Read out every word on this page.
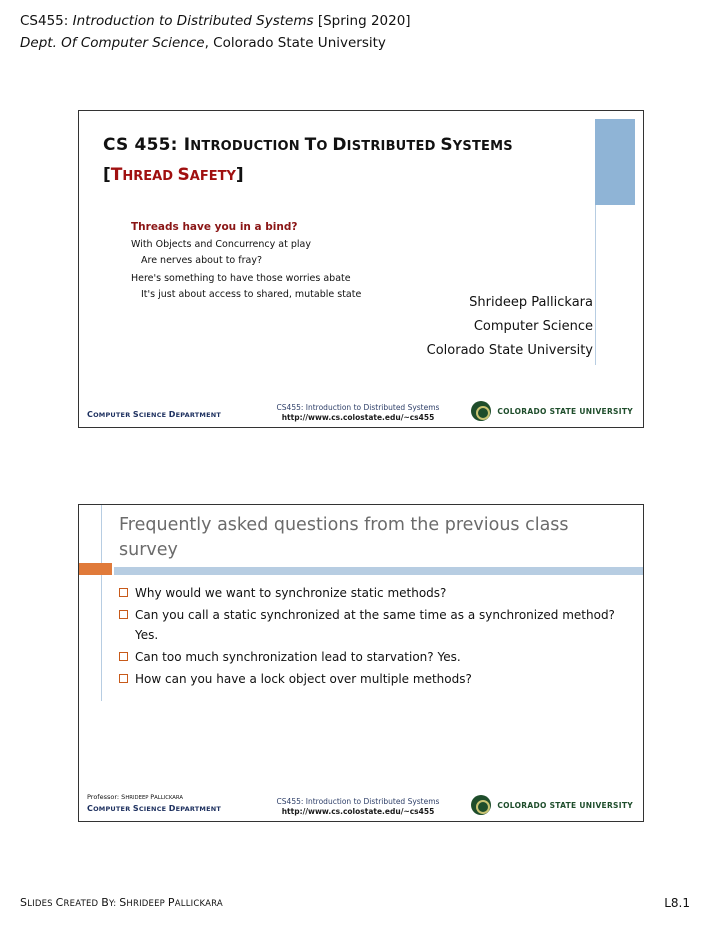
CS455: Introduction to Distributed Systems [Spring 2020]
Dept. Of Computer Science, Colorado State University
CS 455: INTRODUCTION TO DISTRIBUTED SYSTEMS
[THREAD SAFETY]
Threads have you in a bind?
With Objects and Concurrency at play
Are nerves about to fray?
Here's something to have those worries abate
It's just about access to shared, mutable state
Shrideep Pallickara
Computer Science
Colorado State University
COMPUTER SCIENCE DEPARTMENT
CS455: Introduction to Distributed Systems
http://www.cs.colostate.edu/~cs455
COLORADO STATE UNIVERSITY
Frequently asked questions from the previous class survey
Why would we want to synchronize static methods?
Can you call a static synchronized at the same time as a synchronized method? Yes.
Can too much synchronization lead to starvation? Yes.
How can you have a lock object over multiple methods?
Professor: SHRIDEEP PALLICKARA
COMPUTER SCIENCE DEPARTMENT
CS455: Introduction to Distributed Systems
http://www.cs.colostate.edu/~cs455
COLORADO STATE UNIVERSITY
SLIDES CREATED BY: SHRIDEEP PALLICKARA	L8.1
